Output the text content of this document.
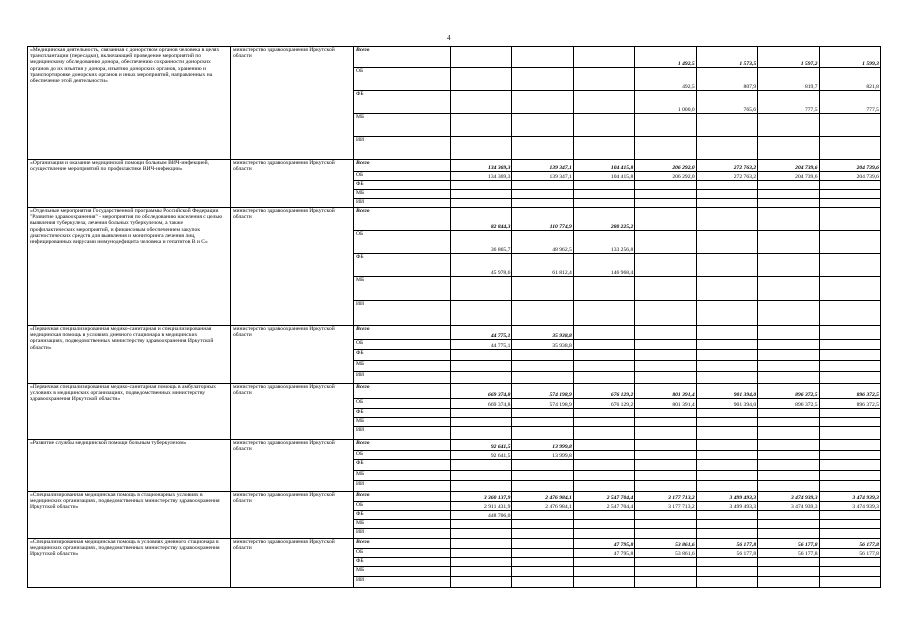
4
«Медицинская деятельность, связанная с донорством органов человека в целях трансплантации (пересадки), включающей проведение мероприятий по медицинскому обследованию донора, обеспечению сохранности донорских органов до их изъятия у донора, изъятию донорских органов, хранению и транспортировке донорских органов и иных мероприятий, направленных на обеспечение этой деятельности»	министерство здравоохранения Иркутской области	Всего				1 492,5	1 573,5	1 597,2	1 599,3
		ОБ				492,5	807,9	819,7	821,8
		ФБ				1 000,0	765,6	777,5	777,5
		МБ							
		ИИ							
«Организация и оказание медицинской помощи больным ВИЧ-инфекцией, осуществление мероприятий по профилактике ВИЧ-инфекции»	министерство здравоохранения Иркутской области	Всего	134 369,3	139 347,1	104 415,8	206 292,0	272 763,2	204 739,6	204 739,6
		ОБ	134 369,3	139 347,1	104 415,8	206 292,0	272 763,2	204 739,6	204 739,6
		ФБ							
		МБ							
		ИИ							
«Отдельные мероприятия Государственной программы Российской Федерации "Развитие здравоохранения" - мероприятия по обследованию населения с целью выявления туберкулеза, лечения больных туберкулезом, а также профилактических мероприятий, и финансовым обеспечением закупок диагностических средств для выявления и мониторинга лечения лиц, инфицированных вирусами иммунодефицита человека и гепатитов В и С»	министерство здравоохранения Иркутской области	Всего	82 844,3	110 774,9	280 225,2				
		ОБ	36 865,7	48 962,5	133 256,8				
		ФБ	45 978,6	61 812,4	146 968,4				
		МБ							
		ИИ							
«Первичная специализированная медико-санитарная и специализированная медицинская помощь в условиях дневного стационара в медицинских организациях, подведомственных министерству здравоохранения Иркутской области»	министерство здравоохранения Иркутской области	Всего	44 775,1	35 938,8					
		ОБ	44 775,1	35 938,8					
		ФБ							
		МБ							
		ИИ							
«Первичная специализированная медико-санитарная помощь в амбулаторных условиях в медицинских организациях, подведомственных министерству здравоохранения Иркутской области»	министерство здравоохранения Иркутской области	Всего	669 374,8	574 198,9	676 129,2	801 391,4	901 394,0	896 372,5	896 372,5
		ОБ	669 374,8	574 198,9	676 129,2	801 391,4	901 394,0	896 372,5	896 372,5
		ФБ							
		МБ							
		ИИ							
«Развитие службы медицинской помощи больным туберкулезом»	министерство здравоохранения Иркутской области	Всего	92 641,5	13 999,8					
		ОБ	92 641,5	13 999,8					
		ФБ							
		МБ							
		ИИ							
«Специализированная медицинская помощь в стационарных условиях в медицинских организациях, подведомственных министерству здравоохранения Иркутской области»	министерство здравоохранения Иркутской области	Всего	3 360 137,9	2 476 984,1	2 547 704,4	3 177 713,2	3 499 493,3	3 474 939,3	3 474 939,3
		ОБ	2 911 431,9	2 476 984,1	2 547 704,4	3 177 713,2	3 499 493,3	3 474 939,3	3 474 939,3
		ФБ	448 706,0						
		МБ							
		ИИ							
«Специализированная медицинская помощь в условиях дневного стационара в медицинских организациях, подведомственных министерству здравоохранения Иркутской области»	министерство здравоохранения Иркутской области	Всего			47 795,8	53 861,6	56 177,8	56 177,8	56 177,8
		ОБ			47 795,8	53 861,6	56 177,8	56 177,8	56 177,8
		ФБ							
		МБ							
		ИИ							
